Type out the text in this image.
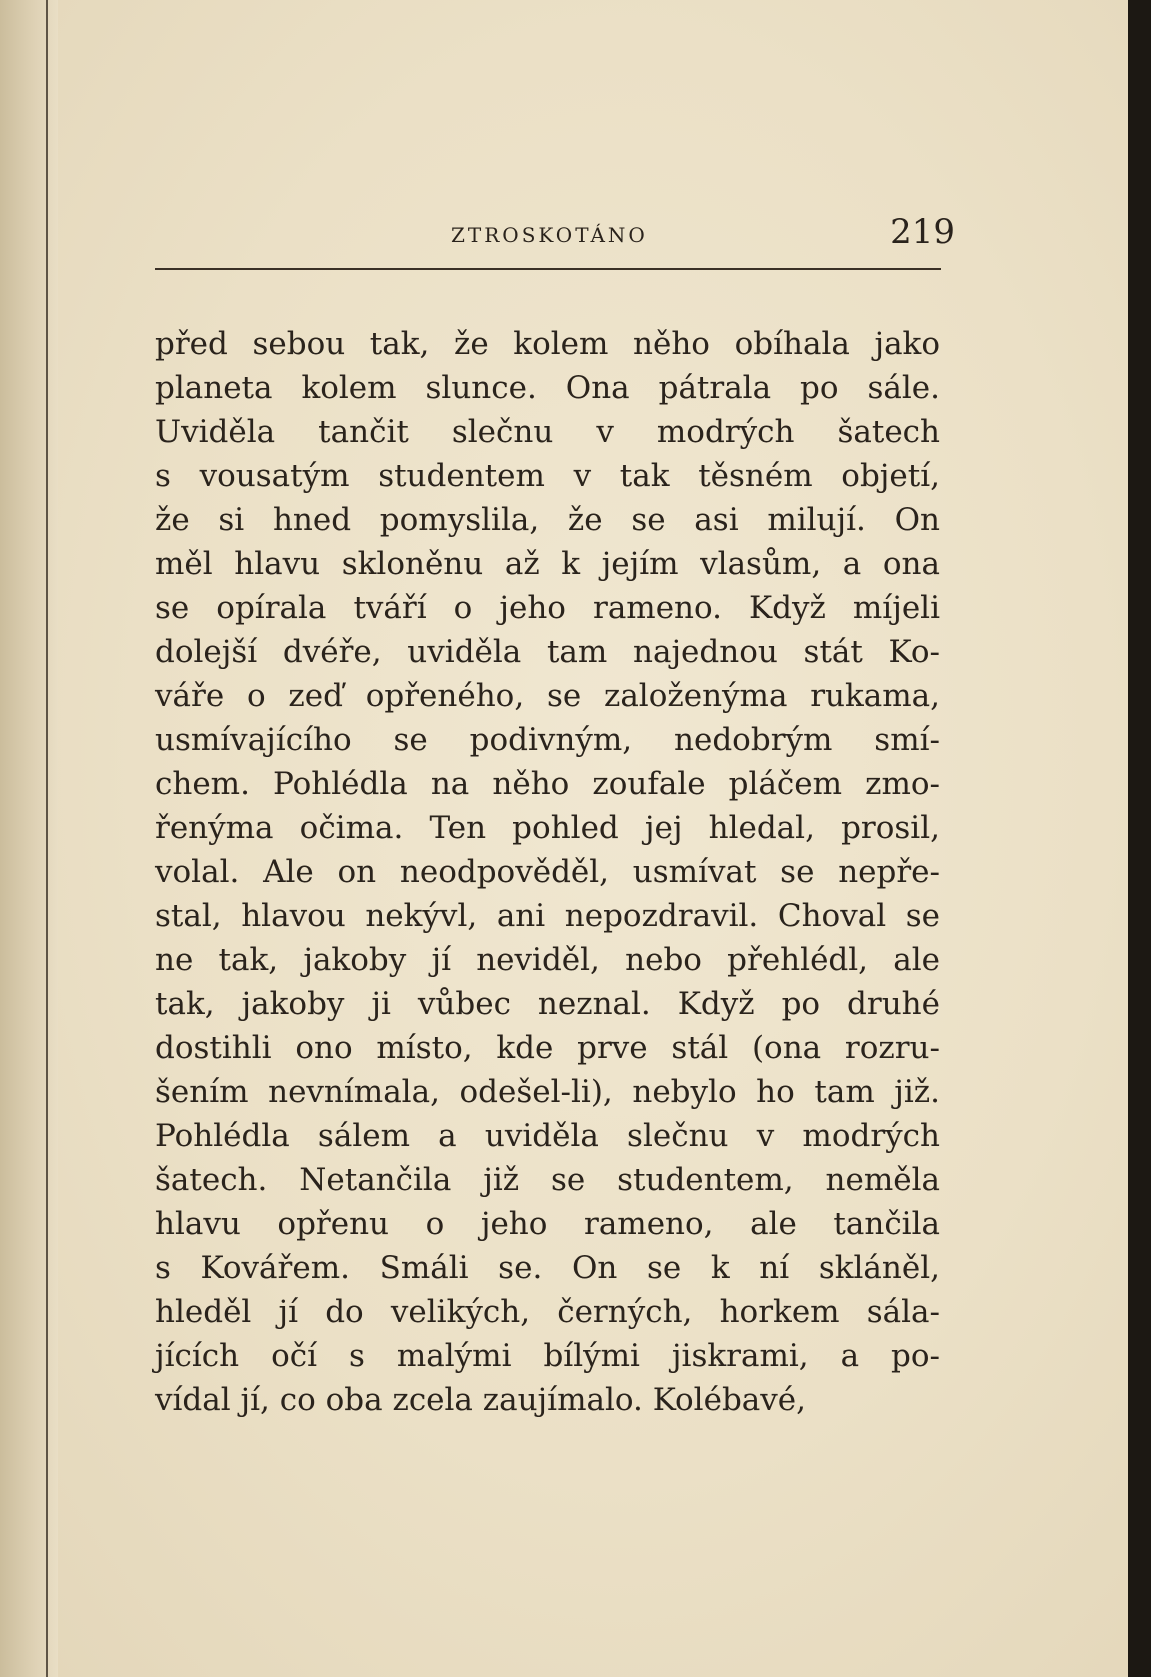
ZTROSKOTÁNO	219
před sebou tak, že kolem něho obíhala jako
planeta kolem slunce. Ona pátrala po sále.
Uviděla tančit slečnu v modrých šatech
s vousatým studentem v tak těsném objetí,
že si hned pomyslila, že se asi milují. On
měl hlavu skloněnu až k jejím vlasům, a ona
se opírala tváří o jeho rameno. Když míjeli
dolejší dvéře, uviděla tam najednou stát Ko-
váře o zeď opřeného, se založenýma rukama,
usmívajícího se podivným, nedobrým smí-
chem. Pohlédla na něho zoufale pláčem zmo-
řenýma očima. Ten pohled jej hledal, prosil,
volal. Ale on neodpověděl, usmívat se nepře-
stal, hlavou nekývl, ani nepozdravil. Choval se
ne tak, jakoby jí neviděl, nebo přehlédl, ale
tak, jakoby ji vůbec neznal. Když po druhé
dostihli ono místo, kde prve stál (ona rozru-
šením nevnímala, odešel-li), nebylo ho tam již.
Pohlédla sálem a uviděla slečnu v modrých
šatech. Netančila již se studentem, neměla
hlavu opřenu o jeho rameno, ale tančila
s Kovářem. Smáli se. On se k ní skláněl,
hleděl jí do velikých, černých, horkem sála-
jících očí s malými bílými jiskrami, a po-
vídal jí, co oba zcela zaujímalo. Kolébavé,
